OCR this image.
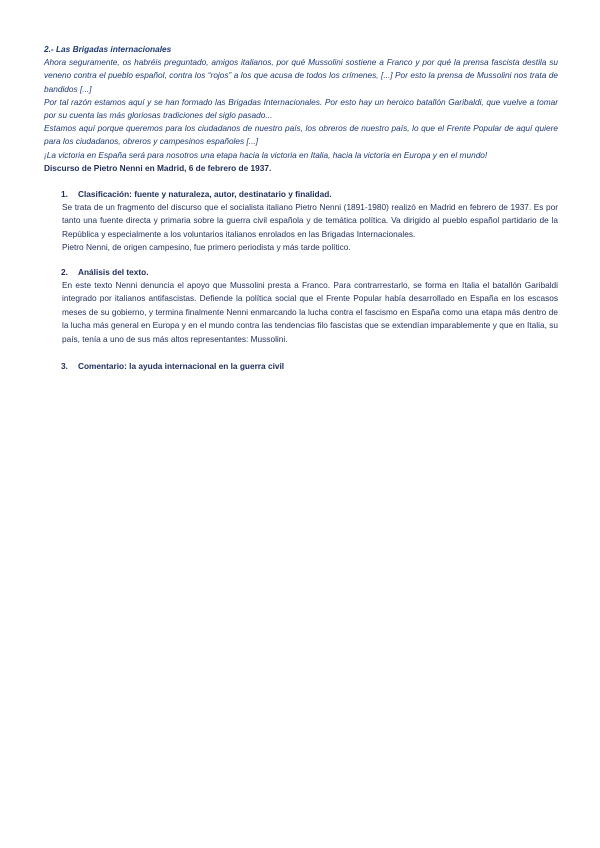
2.- Las Brigadas internacionales

Ahora seguramente, os habréis preguntado, amigos italianos, por qué Mussolini sostiene a Franco y por qué la prensa fascista destila su veneno contra el pueblo español, contra los “rojos” a los que acusa de todos los crímenes, [...] Por esto la prensa de Mussolini nos trata de bandidos [...]

Por tal razón estamos aquí y se han formado las Brigadas Internacionales. Por esto hay un heroico batallón Garibaldi, que vuelve a tomar por su cuenta las más gloriosas tradiciones del siglo pasado...

Estamos aquí porque queremos para los ciudadanos de nuestro país, los obreros de nuestro país, lo que el Frente Popular de aquí quiere para los ciudadanos, obreros y campesinos españoles [...]

¡La victoria en España será para nosotros una etapa hacia la victoria en Italia, hacia la victoria en Europa y en el mundo!

Discurso de Pietro Nenni en Madrid, 6 de febrero de 1937.

1.	Clasificación: fuente y naturaleza, autor, destinatario y finalidad.

Se trata de un fragmento del discurso que el socialista italiano Pietro Nenni (1891-1980) realizó en Madrid en febrero de 1937. Es por tanto una fuente directa y primaria sobre la guerra civil española y de temática política. Va dirigido al pueblo español partidario de la República y especialmente a los voluntarios italianos enrolados en las Brigadas Internacionales.

Pietro Nenni, de origen campesino, fue primero periodista y más tarde político.

2.	Análisis del texto.

En este texto Nenni denuncia el apoyo que Mussolini presta a Franco. Para contrarrestarlo, se forma en Italia el batallón Garibaldi integrado por italianos antifascistas. Defiende la política social que el Frente Popular había desarrollado en España en los escasos meses de su gobierno, y termina finalmente Nenni enmarcando la lucha contra el fascismo en España como una etapa más dentro de la lucha más general en Europa y en el mundo contra las tendencias filo fascistas que se extendían imparablemente y que en Italia, su país, tenía a uno de sus más altos representantes: Mussolini.

3.	Comentario: la ayuda internacional en la guerra civil
